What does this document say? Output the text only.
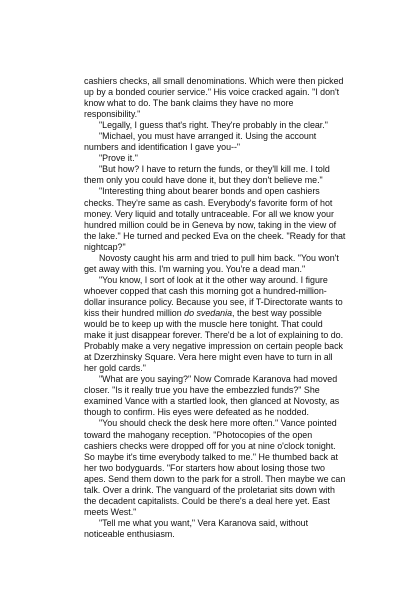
cashiers checks, all small denominations. Which were then picked up by a bonded courier service." His voice cracked again. "I don't know what to do. The bank claims they have no more responsibility."

"Legally, I guess that's right. They're probably in the clear."

"Michael, you must have arranged it. Using the account numbers and identification I gave you--"

"Prove it."

"But how? I have to return the funds, or they'll kill me. I told them only you could have done it, but they don't believe me."

"Interesting thing about bearer bonds and open cashiers checks. They're same as cash. Everybody's favorite form of hot money. Very liquid and totally untraceable. For all we know your hundred million could be in Geneva by now, taking in the view of the lake." He turned and pecked Eva on the cheek. "Ready for that nightcap?"

Novosty caught his arm and tried to pull him back. "You won't get away with this. I'm warning you. You're a dead man."

"You know, I sort of look at it the other way around. I figure whoever copped that cash this morning got a hundred-million-dollar insurance policy. Because you see, if T-Directorate wants to kiss their hundred million do svedania, the best way possible would be to keep up with the muscle here tonight. That could make it just disappear forever. There'd be a lot of explaining to do. Probably make a very negative impression on certain people back at Dzerzhinsky Square. Vera here might even have to turn in all her gold cards."

"What are you saying?" Now Comrade Karanova had moved closer. "Is it really true you have the embezzled funds?" She examined Vance with a startled look, then glanced at Novosty, as though to confirm. His eyes were defeated as he nodded.

"You should check the desk here more often." Vance pointed toward the mahogany reception. "Photocopies of the open cashiers checks were dropped off for you at nine o'clock tonight. So maybe it's time everybody talked to me." He thumbed back at her two bodyguards. "For starters how about losing those two apes. Send them down to the park for a stroll. Then maybe we can talk. Over a drink. The vanguard of the proletariat sits down with the decadent capitalists. Could be there's a deal here yet. East meets West."

"Tell me what you want," Vera Karanova said, without noticeable enthusiasm.
